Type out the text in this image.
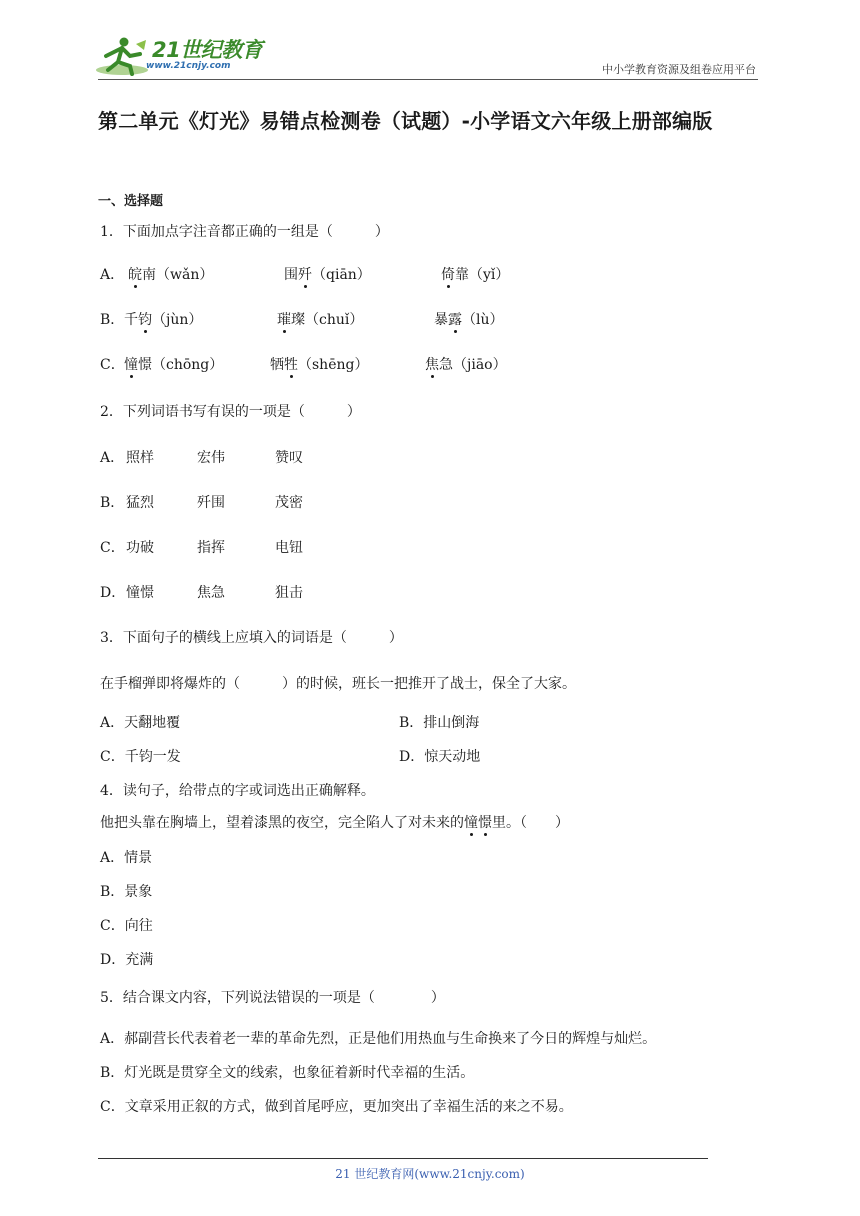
21世纪教育
www.21cnjy.com	中小学教育资源及组卷应用平台
第二单元《灯光》易错点检测卷（试题）-小学语文六年级上册部编版
一、选择题
1．下面加点字注音都正确的一组是（　　　）
A． 皖南（wǎn）	围歼（qiān）	倚靠（yǐ）
B． 千钧（jùn）	璀璨（chuǐ）	暴露（lù）
C． 憧憬（chōng）	牺牲（shēng）	焦急（jiāo）
2．下列词语书写有误的一项是（　　　）
A． 照样	宏伟	赞叹
B． 猛烈	歼围	茂密
C． 功破	指挥	电钮
D． 憧憬	焦急	狙击
3．下面句子的横线上应填入的词语是（　　　）
在手榴弹即将爆炸的（　　　）的时候，班长一把推开了战士，保全了大家。
A．天翻地覆	B．排山倒海
C．千钧一发	D．惊天动地
4．读句子，给带点的字或词选出正确解释。
他把头靠在胸墙上，望着漆黑的夜空，完全陷人了对未来的憧憬里。（　　）
A．情景
B．景象
C．向往
D．充满
5．结合课文内容，下列说法错误的一项是（　　　　）
A．郝副营长代表着老一辈的革命先烈，正是他们用热血与生命换来了今日的辉煌与灿烂。
B．灯光既是贯穿全文的线索，也象征着新时代幸福的生活。
C．文章采用正叙的方式，做到首尾呼应，更加突出了幸福生活的来之不易。
21 世纪教育网(www.21cnjy.com)
